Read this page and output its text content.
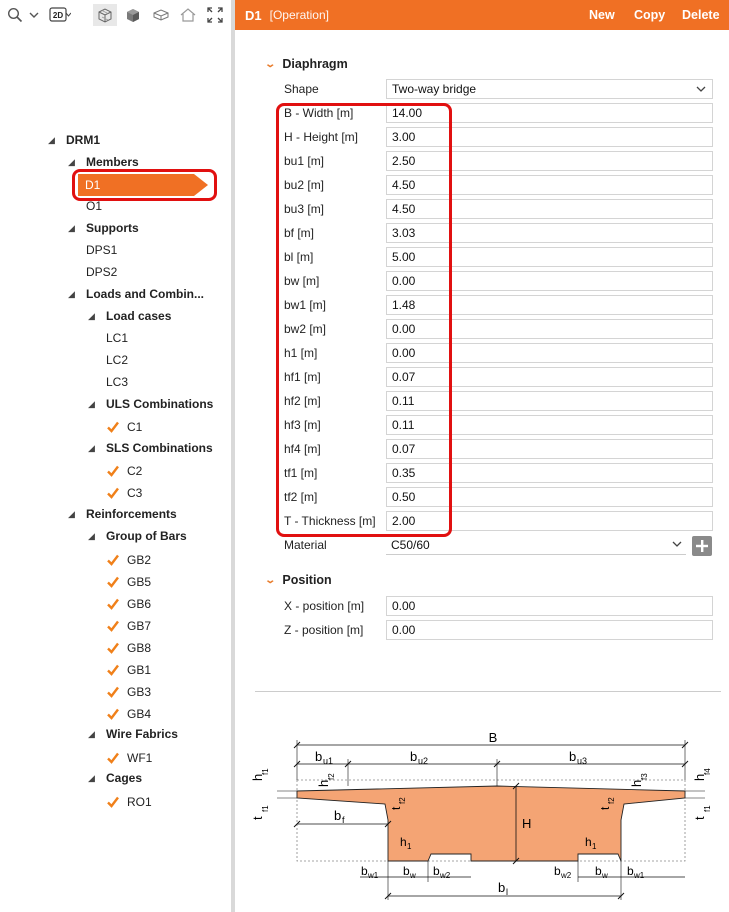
2D
◢ DRM1
◢ Members
D1
O1
◢ Supports
DPS1
DPS2
◢ Loads and Combin...
◢ Load cases
LC1
LC2
LC3
◢ ULS Combinations
C1
◢ SLS Combinations
C2
C3
◢ Reinforcements
◢ Group of Bars
GB2
GB5
GB6
GB7
GB8
GB1
GB3
GB4
◢ Wire Fabrics
WF1
◢ Cages
RO1
D1 [Operation]	New Copy Delete
⌄ Diaphragm
Shape	Two-way bridge
Material	C50/60
⌄ Position
X - position [m] 0.00
Z - position [m] 0.00
B
b u1	b u2	b u3
h
f1
h
f2
h
f3	h
f4
t
f1
t
f1
t
f2
t
f2
b f	H
h 1	h 1
b w1 b w b w2	b w2 b w b w1
b l
B - Width [m]	14.00
H - Height [m]	3.00
bu1 [m]	2.50
bu2 [m]	4.50
bu3 [m]	4.50
bf [m]	3.03
bl [m]	5.00
bw [m]	0.00
bw1 [m]	1.48
bw2 [m]	0.00
h1 [m]	0.00
hf1 [m]	0.07
hf2 [m]	0.11
hf3 [m]	0.11
hf4 [m]	0.07
tf1 [m]	0.35
tf2 [m]	0.50
T - Thickness [m] 2.00
